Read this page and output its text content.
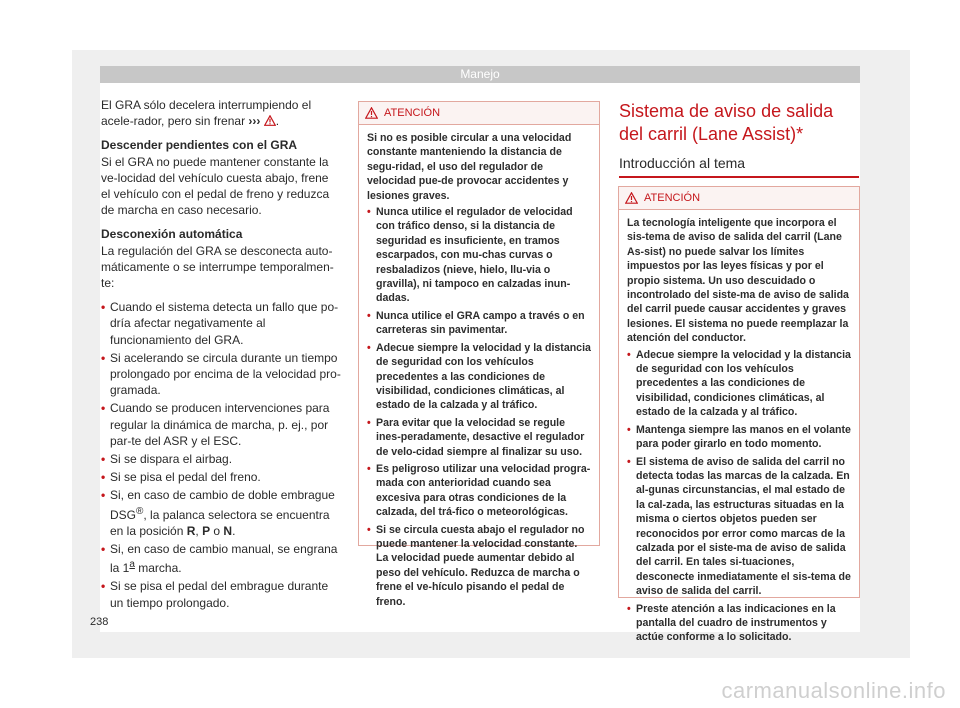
Manejo

El GRA sólo decelera interrumpiendo el acele-rador, pero sin frenar ››› .

Descender pendientes con el GRA

Si el GRA no puede mantener constante la ve-locidad del vehículo cuesta abajo, frene el vehículo con el pedal de freno y reduzca de marcha en caso necesario.

Desconexión automática

La regulación del GRA se desconecta auto-máticamente o se interrumpe temporalmen-te:

• Cuando el sistema detecta un fallo que po-dría afectar negativamente al funcionamiento del GRA.
• Si acelerando se circula durante un tiempo prolongado por encima de la velocidad pro-gramada.
• Cuando se producen intervenciones para regular la dinámica de marcha, p. ej., por par-te del ASR y el ESC.
• Si se dispara el airbag.
• Si se pisa el pedal del freno.
• Si, en caso de cambio de doble embrague DSG®, la palanca selectora se encuentra en la posición R, P o N.
• Si, en caso de cambio manual, se engrana la 1$^a$ marcha.
• Si se pisa el pedal del embrague durante un tiempo prolongado.
ATENCIÓN

Si no es posible circular a una velocidad constante manteniendo la distancia de segu-ridad, el uso del regulador de velocidad pue-de provocar accidentes y lesiones graves.

• Nunca utilice el regulador de velocidad con tráfico denso, si la distancia de seguridad es insuficiente, en tramos escarpados, con mu-chas curvas o resbaladizos (nieve, hielo, llu-via o gravilla), ni tampoco en calzadas inun-dadas.
• Nunca utilice el GRA campo a través o en carreteras sin pavimentar.
• Adecue siempre la velocidad y la distancia de seguridad con los vehículos precedentes a las condiciones de visibilidad, condiciones climáticas, al estado de la calzada y al tráfico.
• Para evitar que la velocidad se regule ines-peradamente, desactive el regulador de velo-cidad siempre al finalizar su uso.
• Es peligroso utilizar una velocidad progra-mada con anterioridad cuando sea excesiva para otras condiciones de la calzada, del trá-fico o meteorológicas.
• Si se circula cuesta abajo el regulador no puede mantener la velocidad constante. La velocidad puede aumentar debido al peso del vehículo. Reduzca de marcha o frene el ve-hículo pisando el pedal de freno.
Sistema de aviso de salida del carril (Lane Assist)*
Introducción al tema
ATENCIÓN

La tecnología inteligente que incorpora el sis-tema de aviso de salida del carril (Lane As-sist) no puede salvar los límites impuestos por las leyes físicas y por el propio sistema. Un uso descuidado o incontrolado del siste-ma de aviso de salida del carril puede causar accidentes y graves lesiones. El sistema no puede reemplazar la atención del conductor.

• Adecue siempre la velocidad y la distancia de seguridad con los vehículos precedentes a las condiciones de visibilidad, condiciones climáticas, al estado de la calzada y al tráfico.
• Mantenga siempre las manos en el volante para poder girarlo en todo momento.
• El sistema de aviso de salida del carril no detecta todas las marcas de la calzada. En al-gunas circunstancias, el mal estado de la cal-zada, las estructuras situadas en la misma o ciertos objetos pueden ser reconocidos por error como marcas de la calzada por el siste-ma de aviso de salida del carril. En tales si-tuaciones, desconecte inmediatamente el sis-tema de aviso de salida del carril.
• Preste atención a las indicaciones en la pantalla del cuadro de instrumentos y actúe conforme a lo solicitado.
238
carmanualsonline.info
